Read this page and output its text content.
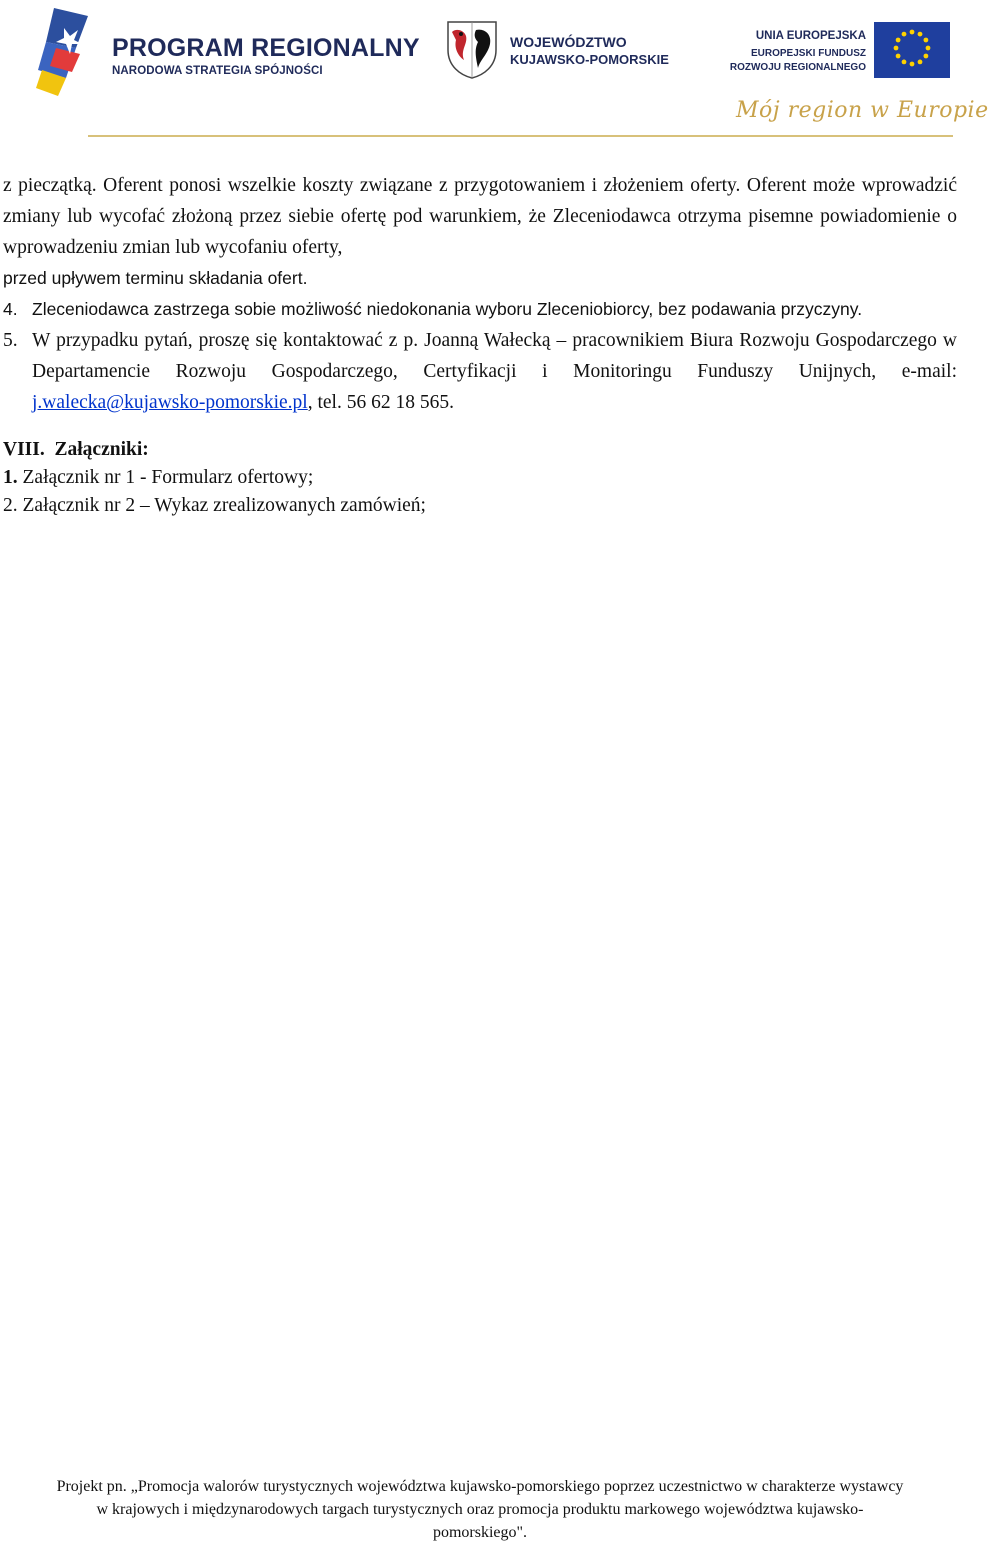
PROGRAM REGIONALNY
NARODOWA STRATEGIA SPÓJNOŚCI
WOJEWÓDZTWO
KUJAWSKO-POMORSKIE
UNIA EUROPEJSKA
EUROPEJSKI FUNDUSZ
ROZWOJU REGIONALNEGO
Mój region w Europie

z pieczątką. Oferent ponosi wszelkie koszty związane z przygotowaniem i złożeniem oferty. Oferent może wprowadzić zmiany lub wycofać złożoną przez siebie ofertę pod warunkiem, że Zleceniodawca otrzyma pisemne powiadomienie o wprowadzeniu zmian lub wycofaniu oferty,

przed upływem terminu składania ofert.

4. Zleceniodawca zastrzega sobie możliwość niedokonania wyboru Zleceniobiorcy, bez podawania przyczyny.
5. W przypadku pytań, proszę się kontaktować z p. Joanną Wałecką – pracownikiem Biura Rozwoju Gospodarczego w Departamencie Rozwoju Gospodarczego, Certyfikacji i Monitoringu Funduszy Unijnych, e-mail: j.walecka@kujawsko-pomorskie.pl, tel. 56 62 18 565.
VIII. Załączniki:
1. Załącznik nr 1 - Formularz ofertowy;
2. Załącznik nr 2 – Wykaz zrealizowanych zamówień;
Projekt pn. „Promocja walorów turystycznych województwa kujawsko-pomorskiego poprzez uczestnictwo w charakterze wystawcy
w krajowych i międzynarodowych targach turystycznych oraz promocja produktu markowego województwa kujawsko-
pomorskiego".
